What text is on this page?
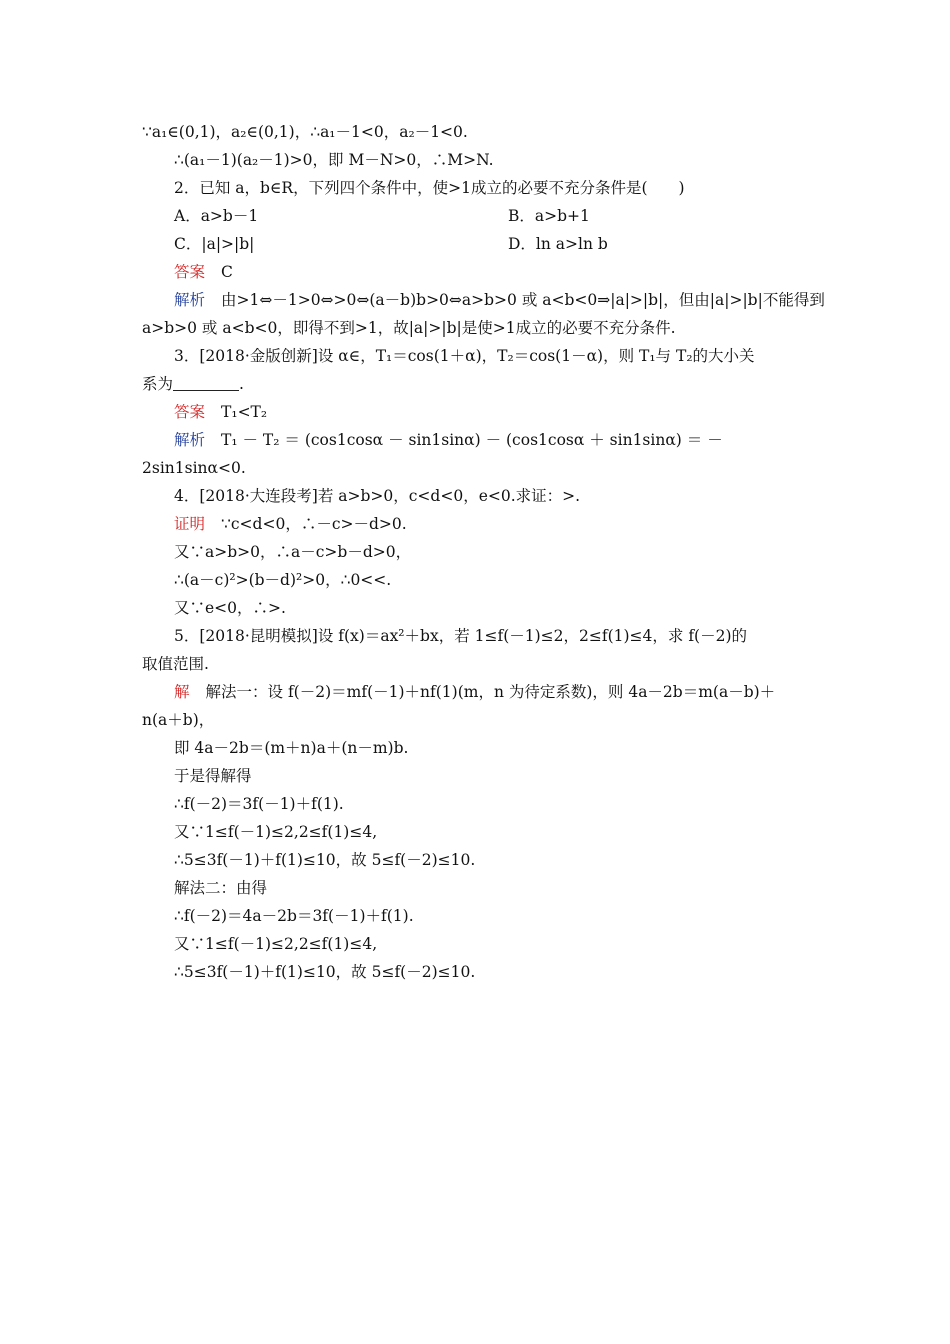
∵a₁∈(0,1)，a₂∈(0,1)，∴a₁－1<0，a₂－1<0.
∴(a₁－1)(a₂－1)>0，即 M－N>0，∴M>N.
2．已知 a，b∈R，下列四个条件中，使>1成立的必要不充分条件是(　　)
A．a>b－1	B．a>b+1
C．|a|>|b|	D．ln a>ln b
答案 C
解析 由>1⇔－1>0⇔>0⇔(a－b)b>0⇔a>b>0 或 a<b<0⇒|a|>|b|，但由|a|>|b|不能得到
a>b>0 或 a<b<0，即得不到>1，故|a|>|b|是使>1成立的必要不充分条件.
3．[2018·金版创新]设 α∈，T₁＝cos(1＋α)，T₂＝cos(1－α)，则 T₁与 T₂的大小关
系为	.
答案 T₁<T₂
解析 T₁ － T₂ ＝ (cos1cosα － sin1sinα) － (cos1cosα ＋ sin1sinα) ＝ －
2sin1sinα<0.
4．[2018·大连段考]若 a>b>0，c<d<0，e<0.求证：>.
证明 ∵c<d<0，∴－c>－d>0.
又∵a>b>0，∴a－c>b－d>0，
∴(a－c)²>(b－d)²>0，∴0<<.
又∵e<0，∴>.
5．[2018·昆明模拟]设 f(x)＝ax²＋bx，若 1≤f(－1)≤2，2≤f(1)≤4，求 f(－2)的
取值范围.
解 解法一：设 f(－2)＝mf(－1)＋nf(1)(m，n 为待定系数)，则 4a－2b＝m(a－b)＋
n(a＋b)，
即 4a－2b＝(m＋n)a＋(n－m)b.
于是得解得
∴f(－2)＝3f(－1)＋f(1).
又∵1≤f(－1)≤2,2≤f(1)≤4,
∴5≤3f(－1)＋f(1)≤10，故 5≤f(－2)≤10.
解法二：由得
∴f(－2)＝4a－2b＝3f(－1)＋f(1).
又∵1≤f(－1)≤2,2≤f(1)≤4,
∴5≤3f(－1)＋f(1)≤10，故 5≤f(－2)≤10.
